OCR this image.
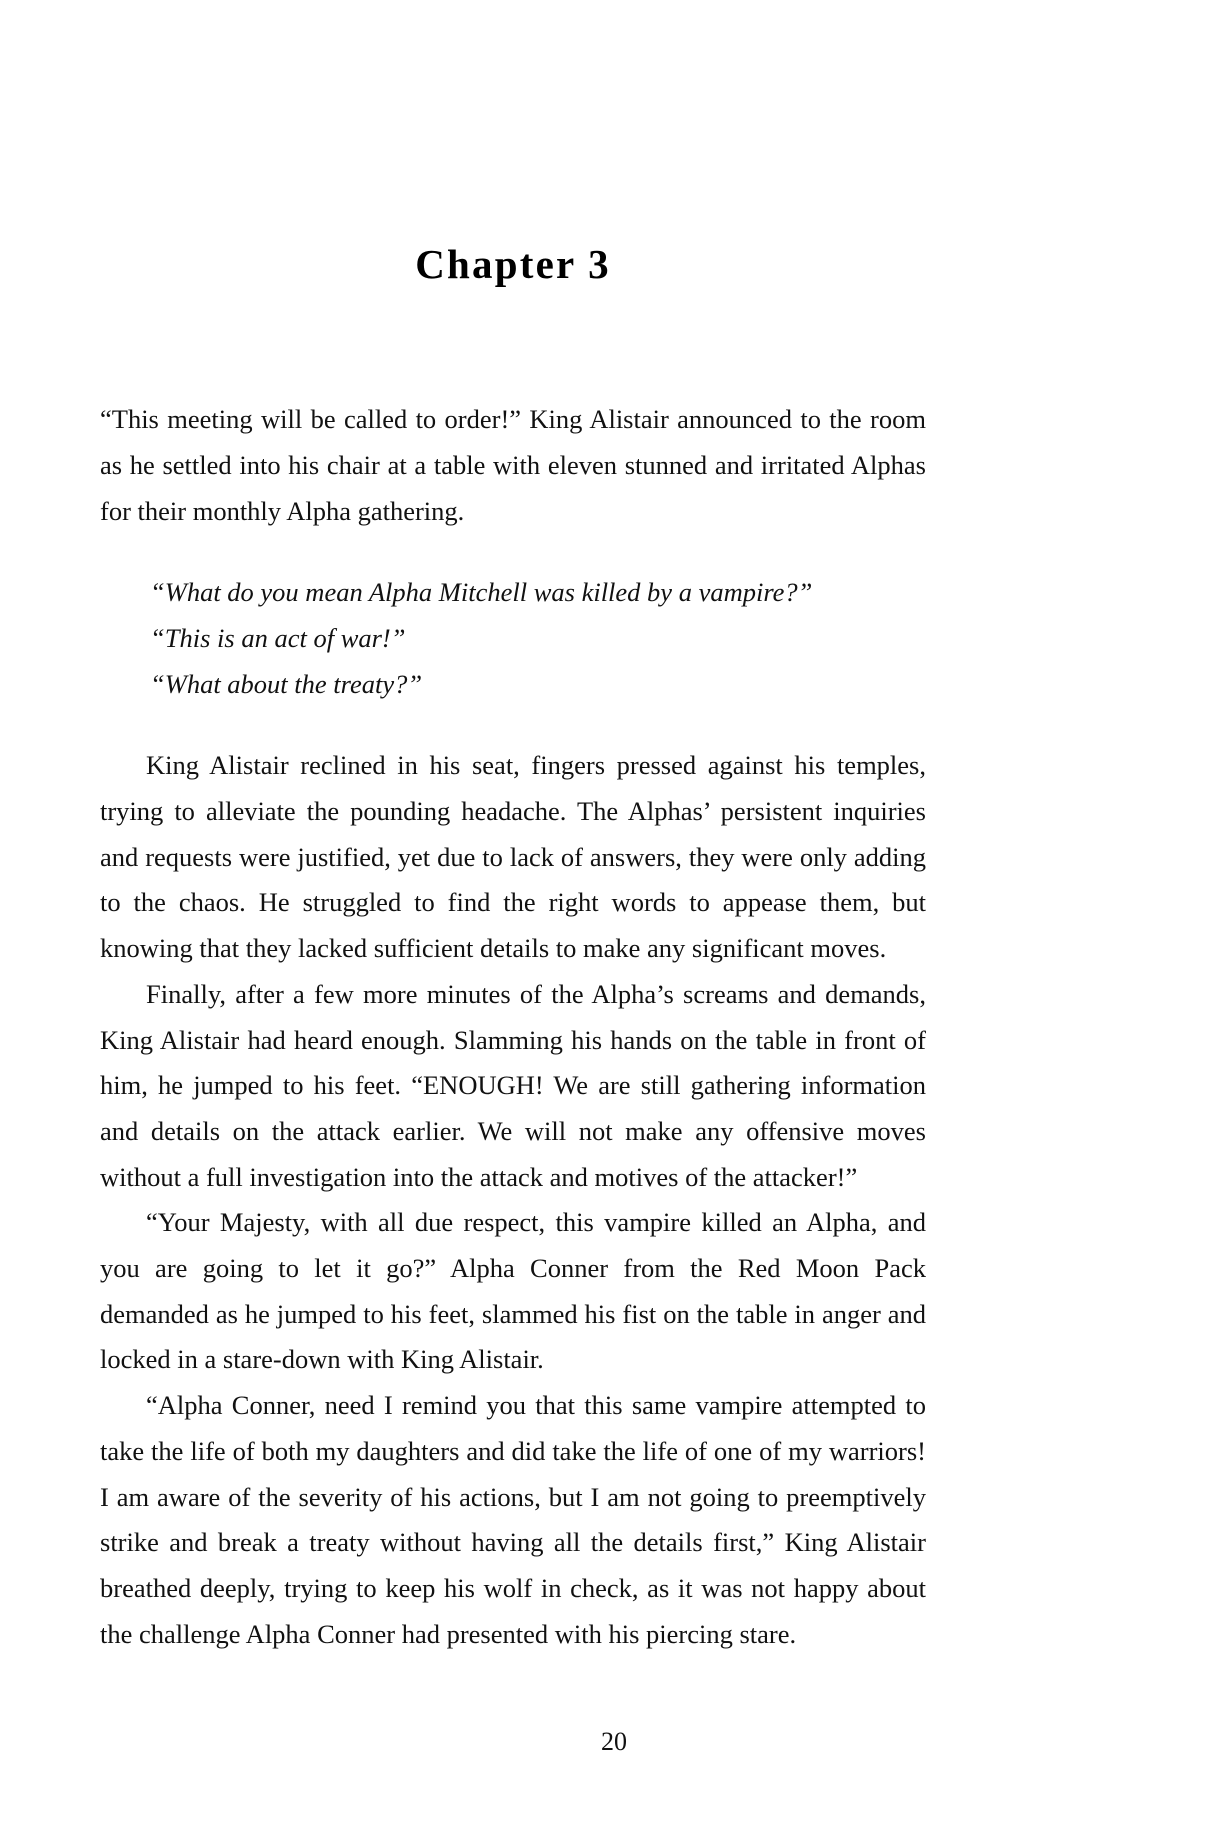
Chapter 3

“This meeting will be called to order!” King Alistair announced to the room as he settled into his chair at a table with eleven stunned and irritated Alphas for their monthly Alpha gathering.

“What do you mean Alpha Mitchell was killed by a vampire?”

“This is an act of war!”

“What about the treaty?”

King Alistair reclined in his seat, fingers pressed against his temples, trying to alleviate the pounding headache. The Alphas’ persistent inquiries and requests were justified, yet due to lack of answers, they were only adding to the chaos. He struggled to find the right words to appease them, but knowing that they lacked sufficient details to make any significant moves.

Finally, after a few more minutes of the Alpha’s screams and demands, King Alistair had heard enough. Slamming his hands on the table in front of him, he jumped to his feet. “ENOUGH! We are still gathering information and details on the attack earlier. We will not make any offensive moves without a full investigation into the attack and motives of the attacker!”

“Your Majesty, with all due respect, this vampire killed an Alpha, and you are going to let it go?” Alpha Conner from the Red Moon Pack demanded as he jumped to his feet, slammed his fist on the table in anger and locked in a stare-down with King Alistair.

“Alpha Conner, need I remind you that this same vampire attempted to take the life of both my daughters and did take the life of one of my warriors! I am aware of the severity of his actions, but I am not going to preemptively strike and break a treaty without having all the details first,” King Alistair breathed deeply, trying to keep his wolf in check, as it was not happy about the challenge Alpha Conner had presented with his piercing stare.

20
